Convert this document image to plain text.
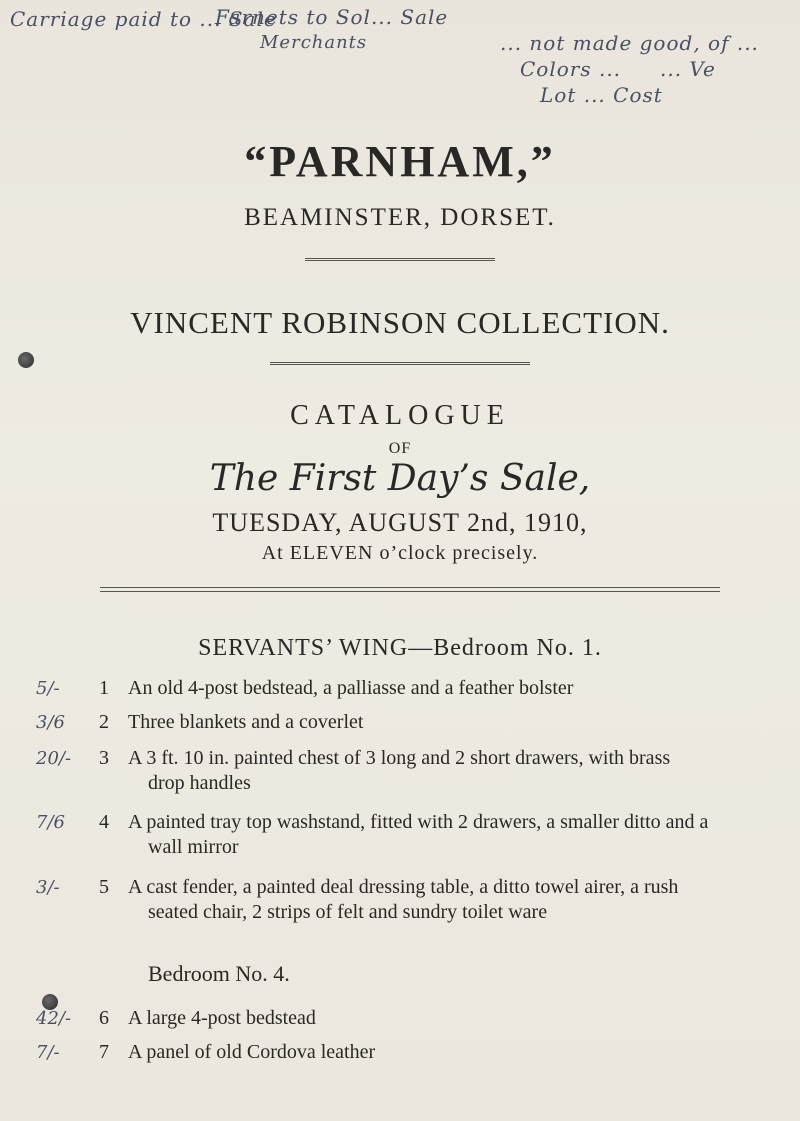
Carriage paid to ... Sale
Farnets to Sol... Sale
Merchants	... not made good, of ...
Colors ... ... Ve
Lot ... Cost
“PARNHAM,”
BEAMINSTER, DORSET.
VINCENT ROBINSON COLLECTION.
CATALOGUE
OF
The First Day’s Sale,
TUESDAY, AUGUST 2nd, 1910,
At ELEVEN o’clock precisely.
SERVANTS’ WING—Bedroom No. 1.
5/-	1 An old 4-post bedstead, a palliasse and a feather bolster
3/6	2 Three blankets and a coverlet
20/-	3 A 3 ft. 10 in. painted chest of 3 long and 2 short drawers, with brass
drop handles
7/6	4 A painted tray top washstand, fitted with 2 drawers, a smaller ditto and a
wall mirror
3/-	5 A cast fender, a painted deal dressing table, a ditto towel airer, a rush
seated chair, 2 strips of felt and sundry toilet ware
Bedroom No. 4.
42/-	6 A large 4-post bedstead
7/-	7 A panel of old Cordova leather
